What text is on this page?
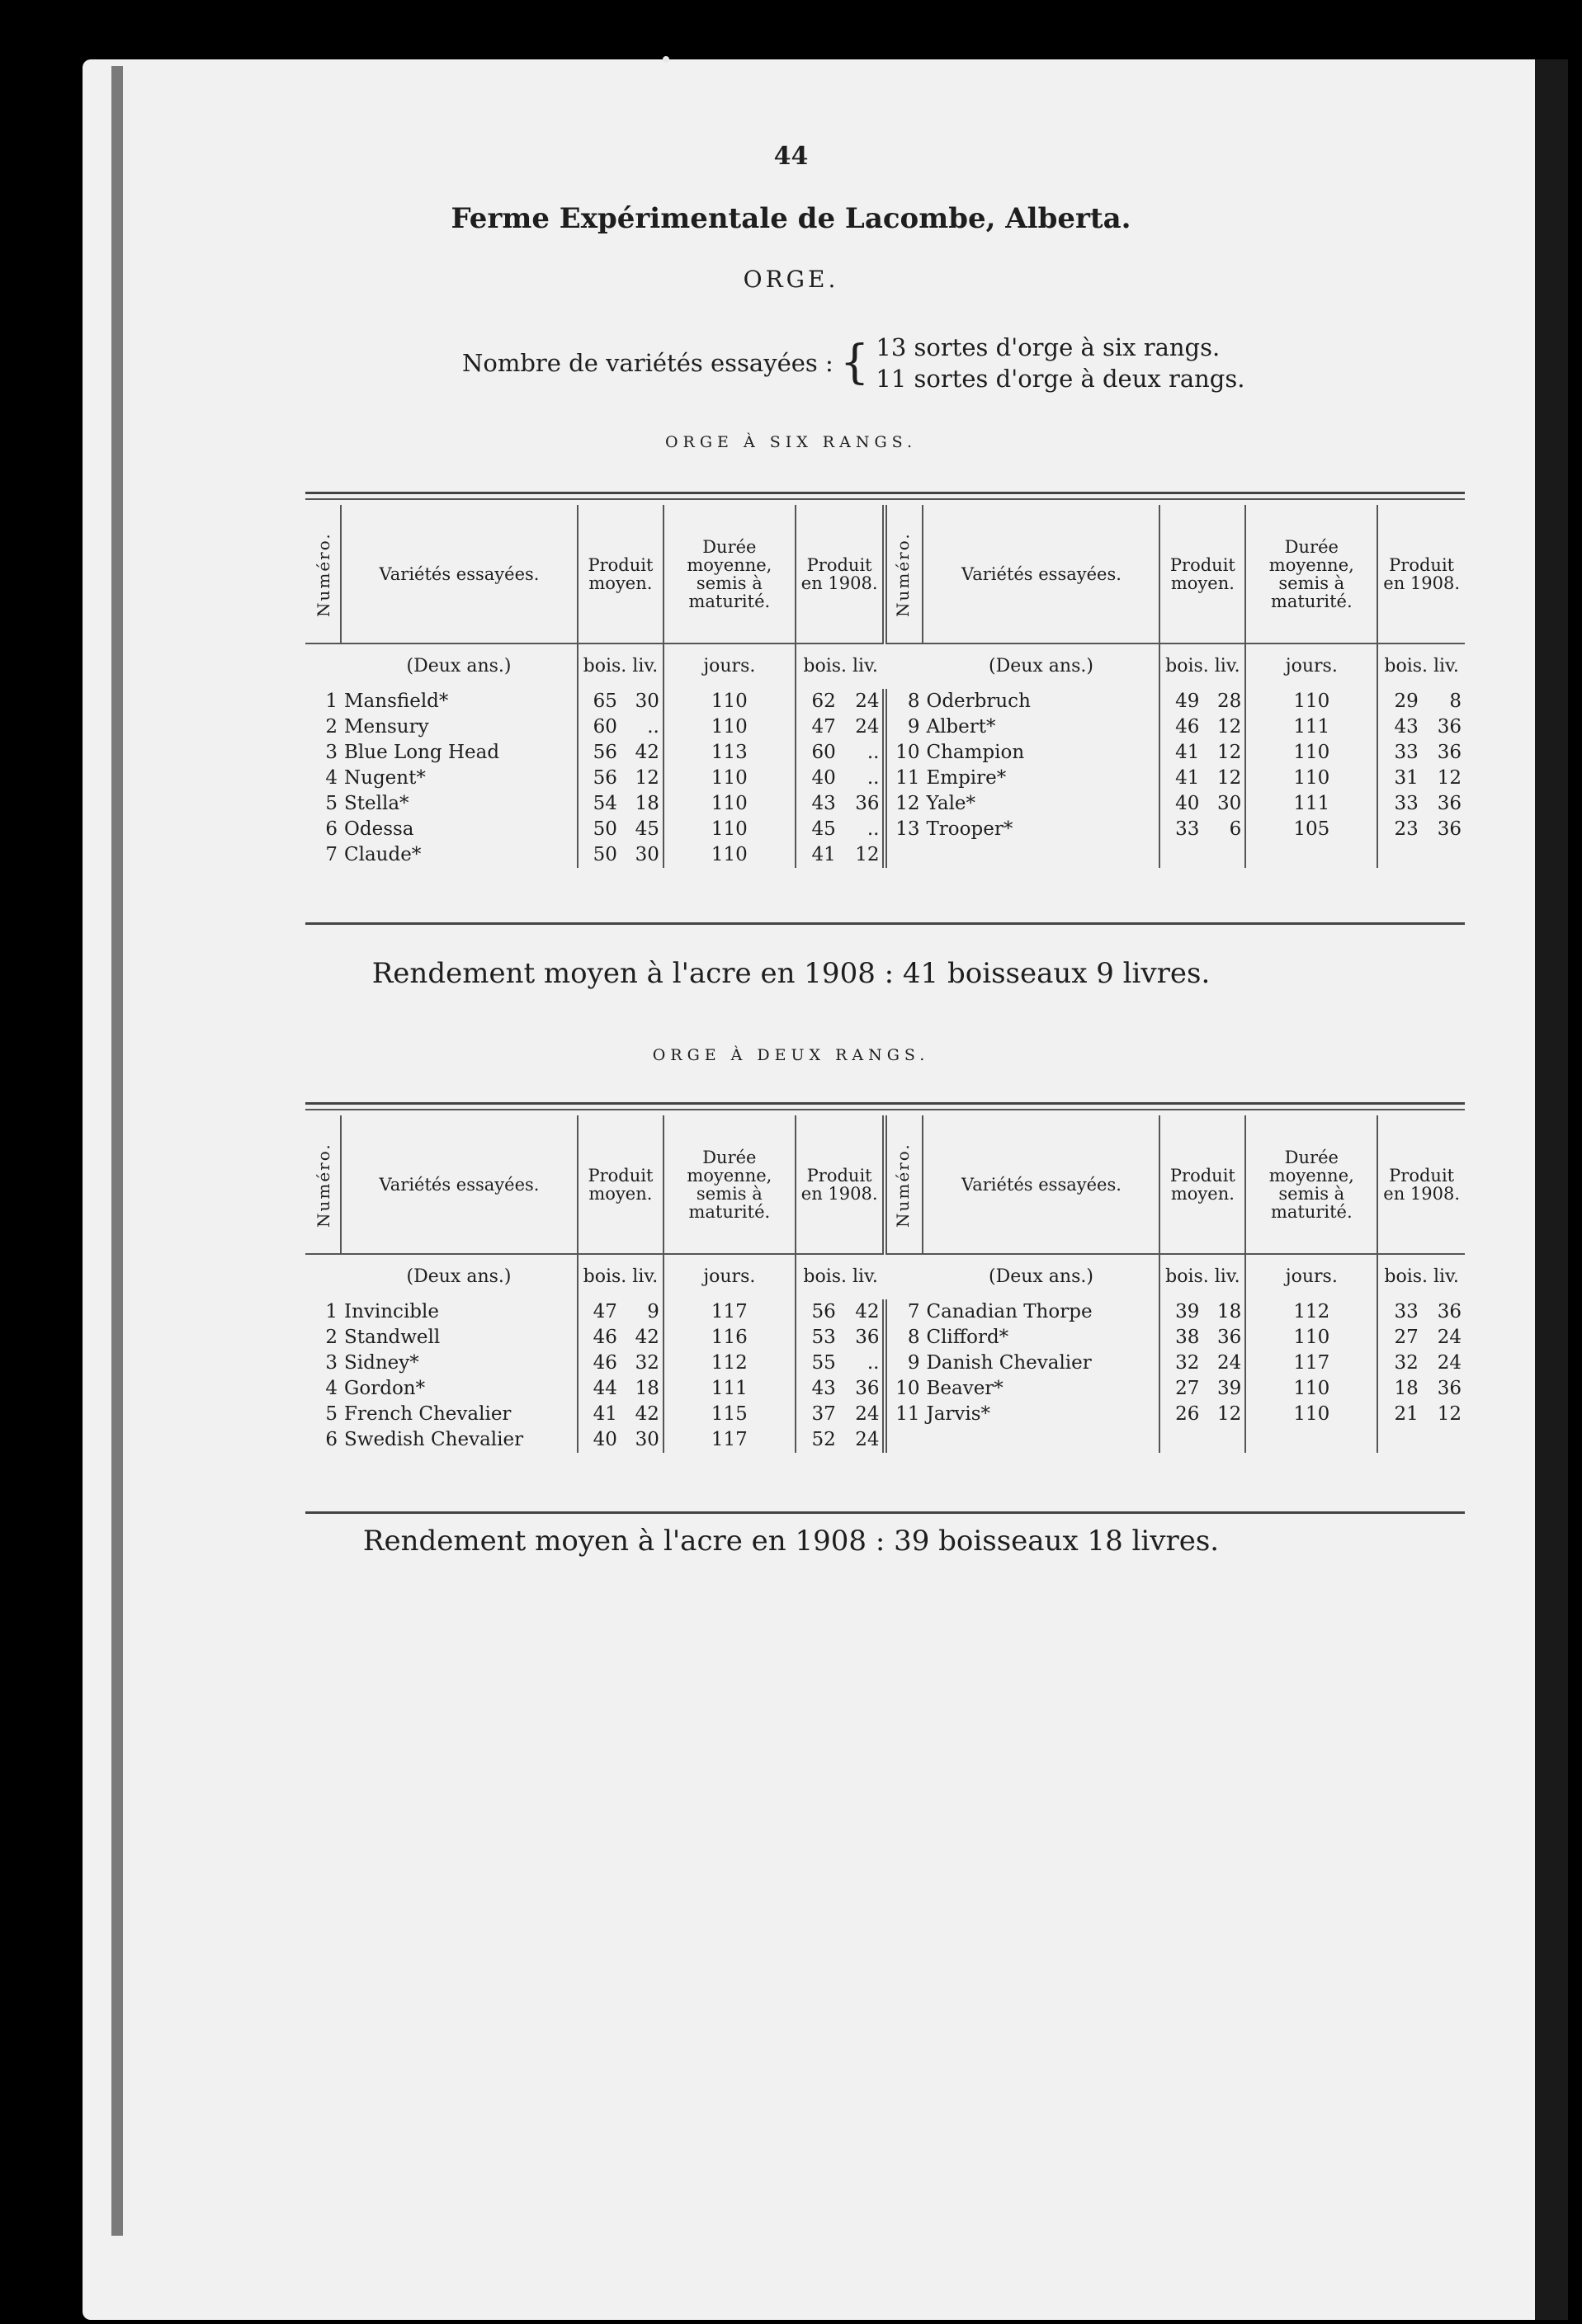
44
Ferme Expérimentale de Lacombe, Alberta.
ORGE.
Nombre de variétés essayées : { 13 sortes d'orge à six rangs.
11 sortes d'orge à deux rangs.
ORGE À SIX RANGS.
Numéro.	Variétés essayées.		Produit moyen.		Durée moyenne, semis à maturité.	Produit en 1908.		Numéro.	Variétés essayées.		Produit moyen.		Durée moyenne, semis à maturité.	Produit en 1908.	
	(Deux ans.)		bois. liv.		jours.	bois. liv.			(Deux ans.)		bois. liv.		jours.	bois. liv.	
1	Mansfield*		65	30	110	62	24	8	Oderbruch		49	28	110	29	8
2	Mensury		60	..	110	47	24	9	Albert*		46	12	111	43	36
3	Blue Long Head		56	42	113	60	..	10	Champion		41	12	110	33	36
4	Nugent*		56	12	110	40	..	11	Empire*		41	12	110	31	12
5	Stella*		54	18	110	43	36	12	Yale*		40	30	111	33	36
6	Odessa		50	45	110	45	..	13	Trooper*		33	6	105	23	36
7	Claude*		50	30	110	41	12								
Rendement moyen à l'acre en 1908 : 41 boisseaux 9 livres.
ORGE À DEUX RANGS.
Numéro.	Variétés essayées.		Produit moyen.		Durée moyenne, semis à maturité.	Produit en 1908.		Numéro.	Variétés essayées.		Produit moyen.		Durée moyenne, semis à maturité.	Produit en 1908.	
	(Deux ans.)		bois. liv.		jours.	bois. liv.			(Deux ans.)		bois. liv.		jours.	bois. liv.	
1	Invincible		47	9	117	56	42	7	Canadian Thorpe		39	18	112	33	36
2	Standwell		46	42	116	53	36	8	Clifford*		38	36	110	27	24
3	Sidney*		46	32	112	55	..	9	Danish Chevalier		32	24	117	32	24
4	Gordon*		44	18	111	43	36	10	Beaver*		27	39	110	18	36
5	French Chevalier		41	42	115	37	24	11	Jarvis*		26	12	110	21	12
6	Swedish Chevalier		40	30	117	52	24								
Rendement moyen à l'acre en 1908 : 39 boisseaux 18 livres.
